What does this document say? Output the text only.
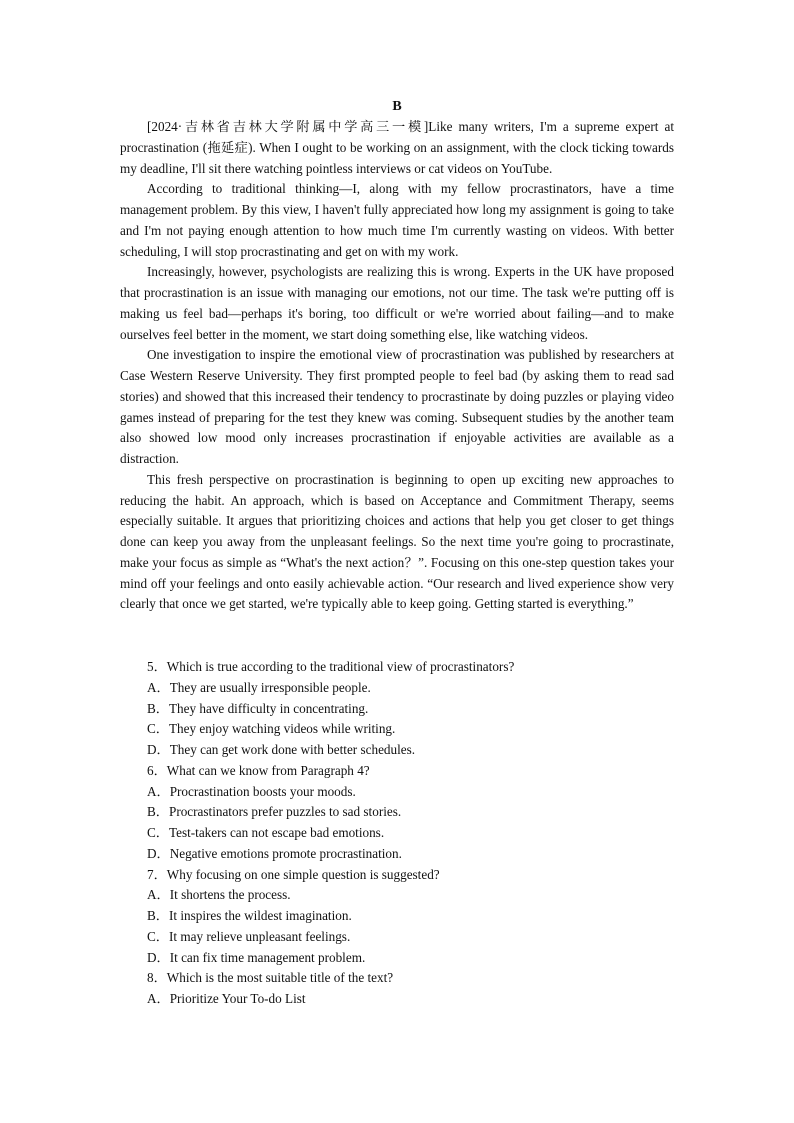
B

[2024·吉林省吉林大学附属中学高三一模]Like many writers, I'm a supreme expert at procrastination (拖延症). When I ought to be working on an assignment, with the clock ticking towards my deadline, I'll sit there watching pointless interviews or cat videos on YouTube.

According to traditional thinking—I, along with my fellow procrastinators, have a time management problem. By this view, I haven't fully appreciated how long my assignment is going to take and I'm not paying enough attention to how much time I'm currently wasting on videos. With better scheduling, I will stop procrastinating and get on with my work.

Increasingly, however, psychologists are realizing this is wrong. Experts in the UK have proposed that procrastination is an issue with managing our emotions, not our time. The task we're putting off is making us feel bad—perhaps it's boring, too difficult or we're worried about failing—and to make ourselves feel better in the moment, we start doing something else, like watching videos.

One investigation to inspire the emotional view of procrastination was published by researchers at Case Western Reserve University. They first prompted people to feel bad (by asking them to read sad stories) and showed that this increased their tendency to procrastinate by doing puzzles or playing video games instead of preparing for the test they knew was coming. Subsequent studies by the another team also showed low mood only increases procrastination if enjoyable activities are available as a distraction.

This fresh perspective on procrastination is beginning to open up exciting new approaches to reducing the habit. An approach, which is based on Acceptance and Commitment Therapy, seems especially suitable. It argues that prioritizing choices and actions that help you get closer to get things done can keep you away from the unpleasant feelings. So the next time you're going to procrastinate, make your focus as simple as “What's the next action？”. Focusing on this one-step question takes your mind off your feelings and onto easily achievable action. “Our research and lived experience show very clearly that once we get started, we're typically able to keep going. Getting started is everything.”

5．Which is true according to the traditional view of procrastinators?

A．They are usually irresponsible people.

B．They have difficulty in concentrating.

C．They enjoy watching videos while writing.

D．They can get work done with better schedules.

6．What can we know from Paragraph 4?

A．Procrastination boosts your moods.

B．Procrastinators prefer puzzles to sad stories.

C．Test-takers can not escape bad emotions.

D．Negative emotions promote procrastination.

7．Why focusing on one simple question is suggested?

A．It shortens the process.

B．It inspires the wildest imagination.

C．It may relieve unpleasant feelings.

D．It can fix time management problem.

8．Which is the most suitable title of the text?

A．Prioritize Your To-do List
